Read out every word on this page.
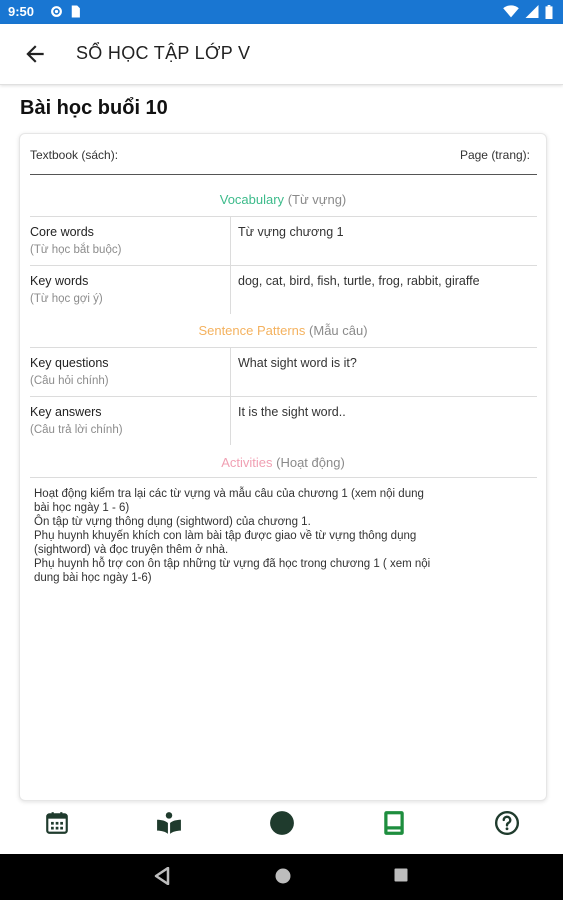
9:50
SỔ HỌC TẬP LỚP V
Bài học buổi 10
Textbook (sách):	Page (trang):
Vocabulary (Từ vựng)
Core words
(Từ học bắt buộc)
Từ vựng chương 1
Key words
(Từ học gợi ý)
dog, cat, bird, fish, turtle, frog, rabbit, giraffe
Sentence Patterns (Mẫu câu)
Key questions
(Câu hỏi chính)
What sight word is it?
Key answers
(Câu trả lời chính)
It is the sight word..
Activities (Hoạt động)
Hoạt động kiểm tra lại các từ vựng và mẫu câu của chương 1 (xem nội dung
bài học ngày 1 - 6)
Ôn tập từ vựng thông dụng (sightword) của chương 1.
Phụ huynh khuyến khích con làm bài tập được giao về từ vựng thông dụng
(sightword) và đọc truyện thêm ở nhà.
Phụ huynh hỗ trợ con ôn tập những từ vựng đã học trong chương 1 ( xem nội
dung bài học ngày 1-6)
